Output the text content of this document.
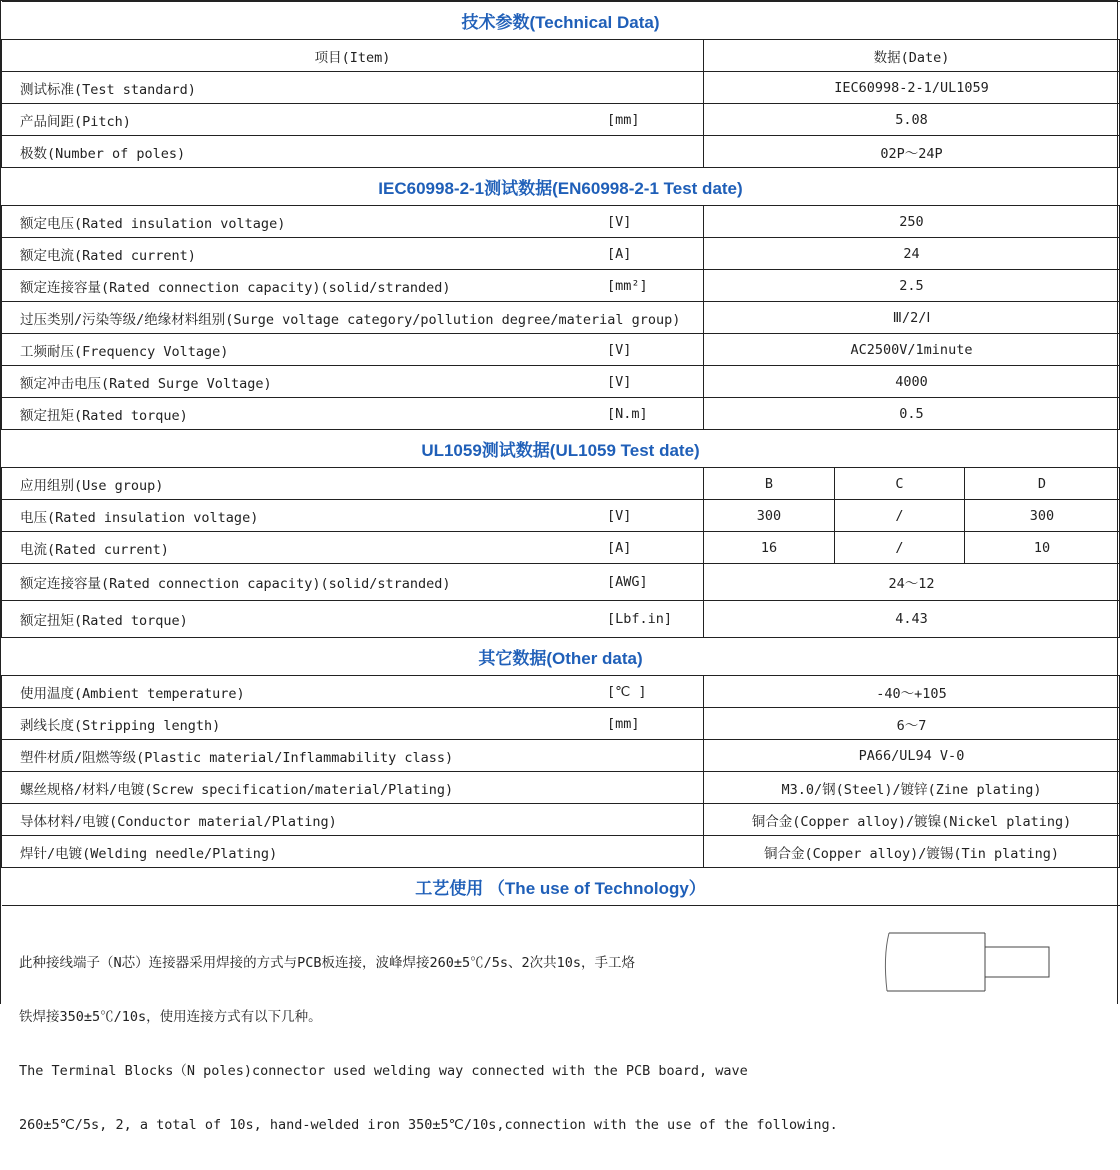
技术参数(Technical Data)			
项目(Item)	数据(Date)		
测试标准(Test standard)	IEC60998-2-1/UL1059		
产品间距(Pitch) [mm]	5.08		
极数(Number of poles)	02P～24P		
IEC60998-2-1测试数据(EN60998-2-1 Test date)			
额定电压(Rated insulation voltage) [V]	250		
额定电流(Rated current) [A]	24		
额定连接容量(Rated connection capacity)(solid/stranded) [mm²]	2.5		
过压类别/污染等级/绝缘材料组别(Surge voltage category/pollution degree/material group)	Ⅲ/2/Ⅰ		
工频耐压(Frequency Voltage) [V]	AC2500V/1minute		
额定冲击电压(Rated Surge Voltage) [V]	4000		
额定扭矩(Rated torque) [N.m]	0.5		
UL1059测试数据(UL1059 Test date)			
应用组别(Use group)	B	C	D
电压(Rated insulation voltage) [V]	300	/	300
电流(Rated current) [A]	16	/	10
额定连接容量(Rated connection capacity)(solid/stranded) [AWG]	24～12		
额定扭矩(Rated torque) [Lbf.in]	4.43		
其它数据(Other data)			
使用温度(Ambient temperature) [℃ ]	-40～+105		
剥线长度(Stripping length) [mm]	6～7		
塑件材质/阻燃等级(Plastic material/Inflammability class)	PA66/UL94 V-0		
螺丝规格/材料/电镀(Screw specification/material/Plating)	M3.0/钢(Steel)/镀锌(Zine plating)		
导体材料/电镀(Conductor material/Plating)	铜合金(Copper alloy)/镀镍(Nickel plating)		
焊针/电镀(Welding needle/Plating)	铜合金(Copper alloy)/镀锡(Tin plating)		
工艺使用 （The use of Technology）			

此种接线端子（N芯）连接器采用焊接的方式与PCB板连接，波峰焊接260±5℃/5s、2次共10s，手工烙

铁焊接350±5℃/10s，使用连接方式有以下几种。

The Terminal Blocks（N poles)connector used welding way connected with the PCB board, wave

260±5℃/5s, 2, a total of 10s, hand-welded iron 350±5℃/10s,connection with the use of the following.
